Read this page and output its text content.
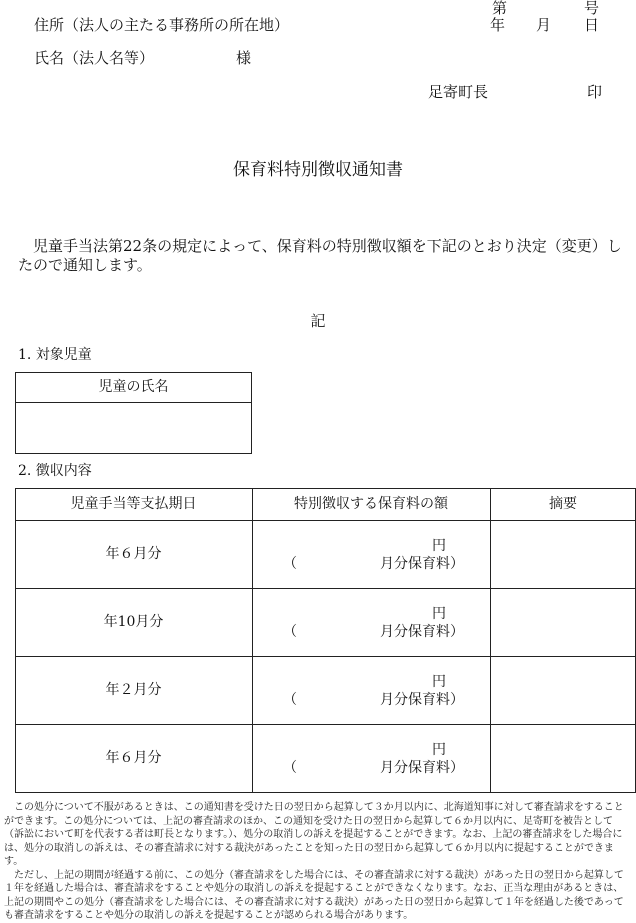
第	号
年 月 日
住所（法人の主たる事務所の所在地）
氏名（法人名等）	様
足寄町長	印
保育料特別徴収通知書
児童手当法第22条の規定によって、保育料の特別徴収額を下記のとおり決定（変更）し
たので通知します。
記
1. 対象児童
児童の氏名
2. 徴収内容
児童手当等支払期日	特別徴収する保育料の額	摘要
年６月分	円
（	月分保育料）
年10月分	円
（	月分保育料）
年２月分	円
（	月分保育料）
年６月分	円
（	月分保育料）

　この処分について不服があるときは、この通知書を受けた日の翌日から起算して３か月以内に、北海道知事に対して審査請求をすることができます。この処分については、上記の審査請求のほか、この通知を受けた日の翌日から起算して６か月以内に、足寄町を被告として（訴訟において町を代表する者は町長となります。）、処分の取消しの訴えを提起することができます。なお、上記の審査請求をした場合には、処分の取消しの訴えは、その審査請求に対する裁決があったことを知った日の翌日から起算して６か月以内に提起することができます。

　ただし、上記の期間が経過する前に、この処分（審査請求をした場合には、その審査請求に対する裁決）があった日の翌日から起算して１年を経過した場合は、審査請求をすることや処分の取消しの訴えを提起することができなくなります。なお、正当な理由があるときは、上記の期間やこの処分（審査請求をした場合には、その審査請求に対する裁決）があった日の翌日から起算して１年を経過した後であっても審査請求をすることや処分の取消しの訴えを提起することが認められる場合があります。
